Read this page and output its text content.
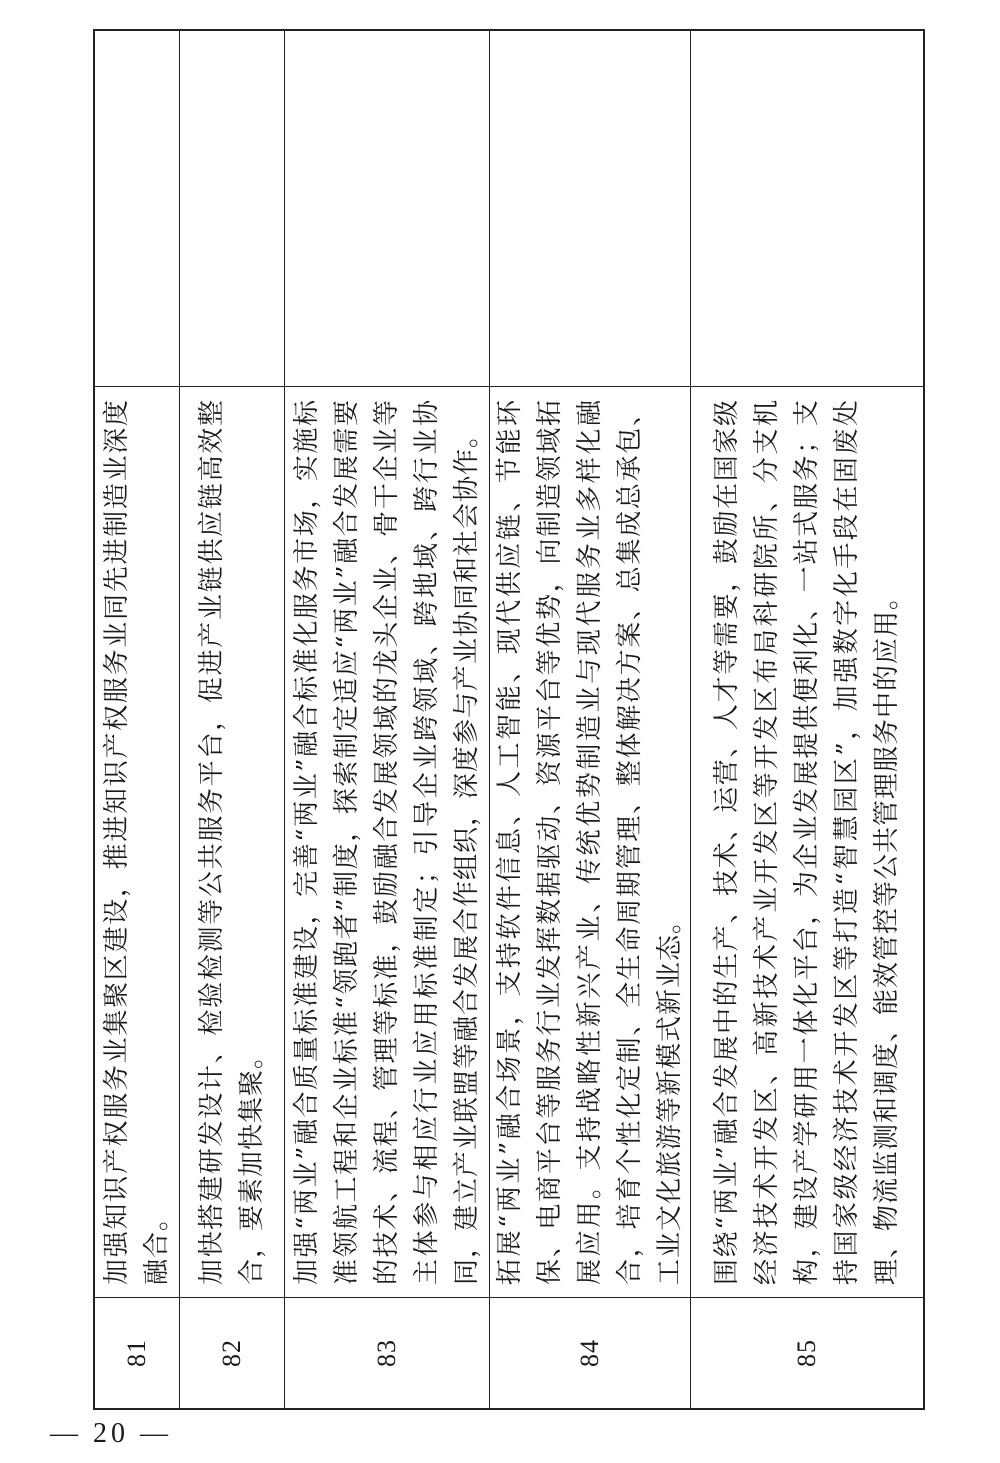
81	加强知识产权服务业集聚区建设，推进知识产权服务业同先进制造业深度融合。	
82	加快搭建研发设计、检验检测等公共服务平台，促进产业链供应链高效整合，要素加快集聚。	
83	加强“两业”融合质量标准建设，完善“两业”融合标准化服务市场，实施标准领航工程和企业标准“领跑者”制度，探索制定适应“两业”融合发展需要的技术、流程、管理等标准，鼓励融合发展领域的龙头企业、骨干企业等主体参与相应行业应用标准制定；引导企业跨领域、跨地域、跨行业协同，建立产业联盟等融合发展合作组织，深度参与产业协同和社会协作。	
84	拓展“两业”融合场景，支持软件信息、人工智能、现代供应链、节能环保、电商平台等服务行业发挥数据驱动、资源平台等优势，向制造领域拓展应用。支持战略性新兴产业、传统优势制造业与现代服务业多样化融合，培育个性化定制、全生命周期管理、整体解决方案、总集成总承包、工业文化旅游等新模式新业态。	
85	围绕“两业”融合发展中的生产、技术、运营、人才等需要，鼓励在国家级经济技术开发区、高新技术产业开发区等开发区布局科研院所、分支机构，建设产学研用一体化平台，为企业发展提供便利化、一站式服务；支持国家级经济技术开发区等打造“智慧园区”，加强数字化手段在固废处理、物流监测和调度、能效管控等公共管理服务中的应用。	
— 20 —
